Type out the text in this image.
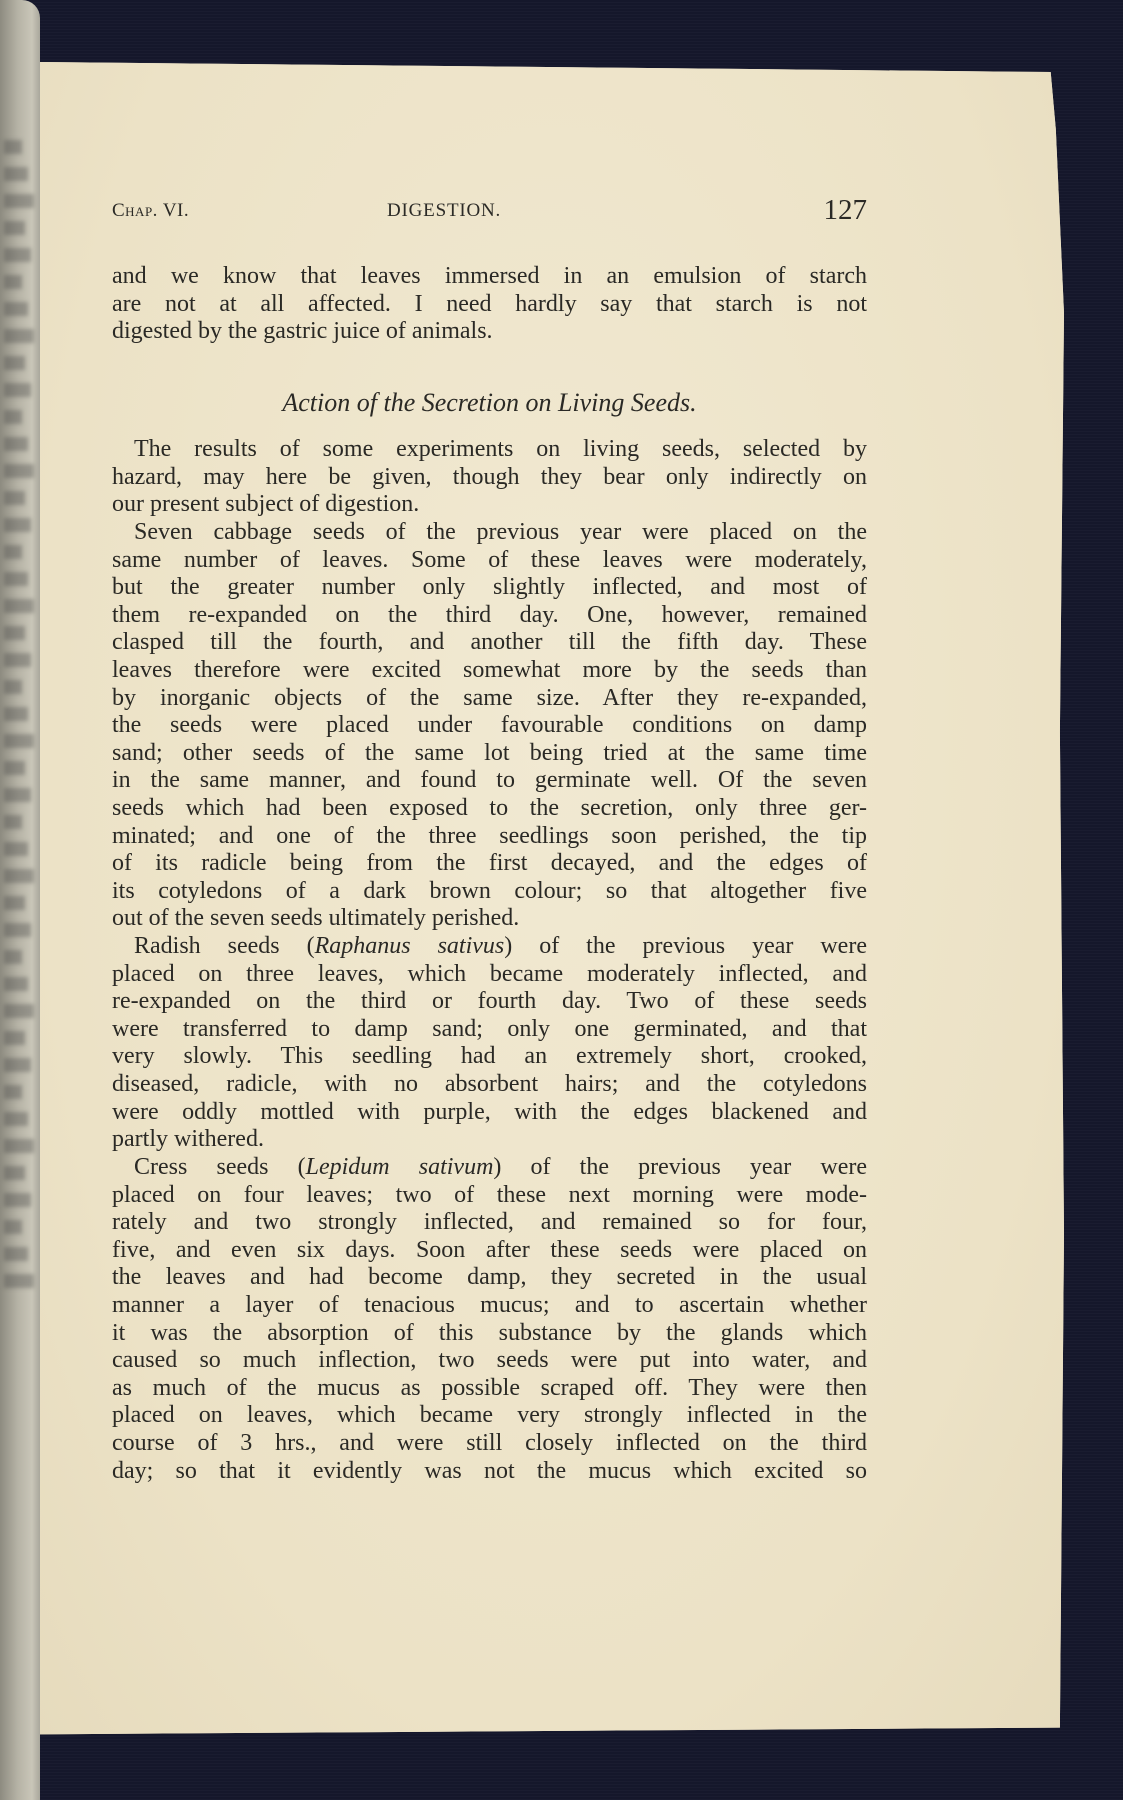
Chap. VI.	DIGESTION.	127
and we know that leaves immersed in an emulsion of starch
are not at all affected. I need hardly say that starch is not
digested by the gastric juice of animals.
Action of the Secretion on Living Seeds.
The results of some experiments on living seeds, selected by
hazard, may here be given, though they bear only indirectly on
our present subject of digestion.
Seven cabbage seeds of the previous year were placed on the
same number of leaves. Some of these leaves were moderately,
but the greater number only slightly inflected, and most of
them re-expanded on the third day. One, however, remained
clasped till the fourth, and another till the fifth day. These
leaves therefore were excited somewhat more by the seeds than
by inorganic objects of the same size. After they re-expanded,
the seeds were placed under favourable conditions on damp
sand; other seeds of the same lot being tried at the same time
in the same manner, and found to germinate well. Of the seven
seeds which had been exposed to the secretion, only three ger-
minated; and one of the three seedlings soon perished, the tip
of its radicle being from the first decayed, and the edges of
its cotyledons of a dark brown colour; so that altogether five
out of the seven seeds ultimately perished.
Radish seeds (Raphanus sativus) of the previous year were
placed on three leaves, which became moderately inflected, and
re-expanded on the third or fourth day. Two of these seeds
were transferred to damp sand; only one germinated, and that
very slowly. This seedling had an extremely short, crooked,
diseased, radicle, with no absorbent hairs; and the cotyledons
were oddly mottled with purple, with the edges blackened and
partly withered.
Cress seeds (Lepidum sativum) of the previous year were
placed on four leaves; two of these next morning were mode-
rately and two strongly inflected, and remained so for four,
five, and even six days. Soon after these seeds were placed on
the leaves and had become damp, they secreted in the usual
manner a layer of tenacious mucus; and to ascertain whether
it was the absorption of this substance by the glands which
caused so much inflection, two seeds were put into water, and
as much of the mucus as possible scraped off. They were then
placed on leaves, which became very strongly inflected in the
course of 3 hrs., and were still closely inflected on the third
day; so that it evidently was not the mucus which excited so
